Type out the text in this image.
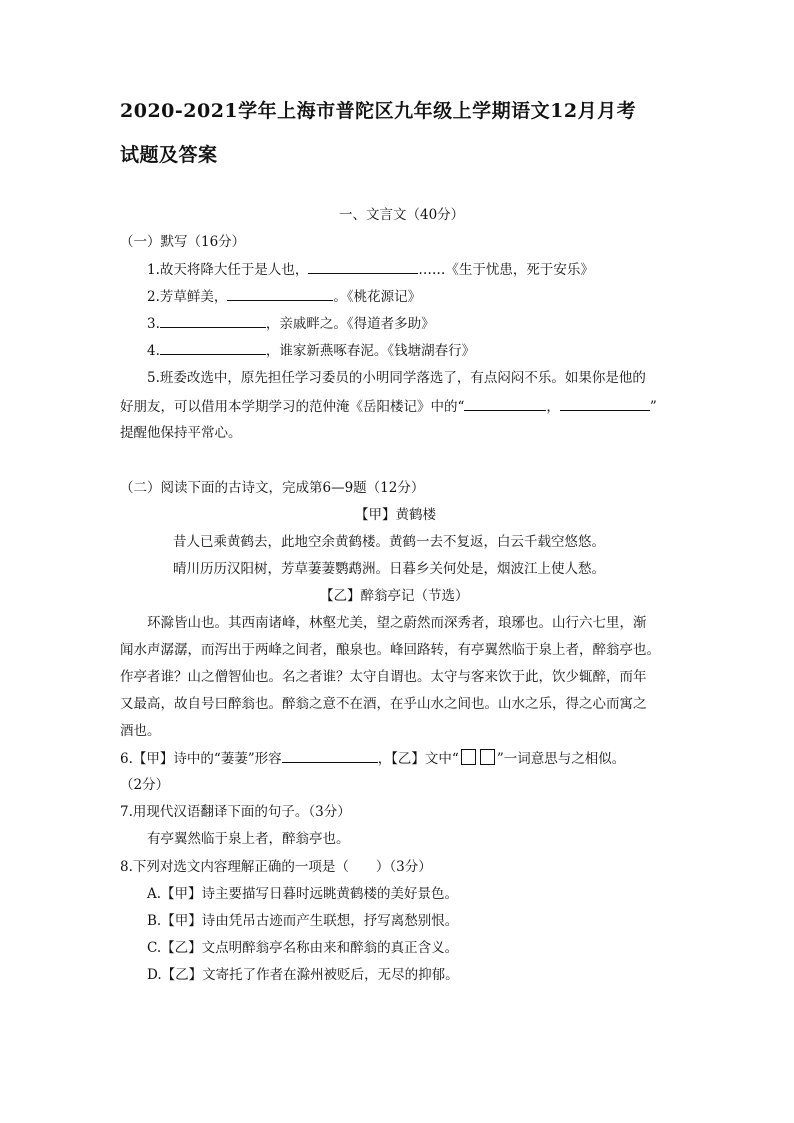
2020-2021学年上海市普陀区九年级上学期语文12月月考
试题及答案
一、文言文（40分）
（一）默写（16分）
1.故天将降大任于是人也，	……《生于忧患，死于安乐》
2.芳草鲜美，	。《桃花源记》
3.	，亲戚畔之。《得道者多助》
4.	，谁家新燕啄春泥。《钱塘湖春行》
5.班委改选中，原先担任学习委员的小明同学落选了，有点闷闷不乐。如果你是他的
好朋友，可以借用本学期学习的范仲淹《岳阳楼记》中的“	，	”
提醒他保持平常心。
（二）阅读下面的古诗文，完成第6—9题（12分）
【甲】黄鹤楼
昔人已乘黄鹤去，此地空余黄鹤楼。黄鹤一去不复返，白云千载空悠悠。
晴川历历汉阳树，芳草萋萋鹦鹉洲。日暮乡关何处是，烟波江上使人愁。
【乙】醉翁亭记（节选）
环滁皆山也。其西南诸峰，林壑尤美，望之蔚然而深秀者，琅琊也。山行六七里，渐
闻水声潺潺，而泻出于两峰之间者，酿泉也。峰回路转，有亭翼然临于泉上者，醉翁亭也。
作亭者谁？山之僧智仙也。名之者谁？太守自谓也。太守与客来饮于此，饮少辄醉，而年
又最高，故自号曰醉翁也。醉翁之意不在酒，在乎山水之间也。山水之乐，得之心而寓之
酒也。
6.【甲】诗中的“萋萋”形容	，【乙】文中“	”一词意思与之相似。
（2分）
7.用现代汉语翻译下面的句子。（3分）
有亭翼然临于泉上者，醉翁亭也。
8.下列对选文内容理解正确的一项是（　　）（3分）
A.【甲】诗主要描写日暮时远眺黄鹤楼的美好景色。
B.【甲】诗由凭吊古迹而产生联想，抒写离愁别恨。
C.【乙】文点明醉翁亭名称由来和醉翁的真正含义。
D.【乙】文寄托了作者在滁州被贬后，无尽的抑郁。
